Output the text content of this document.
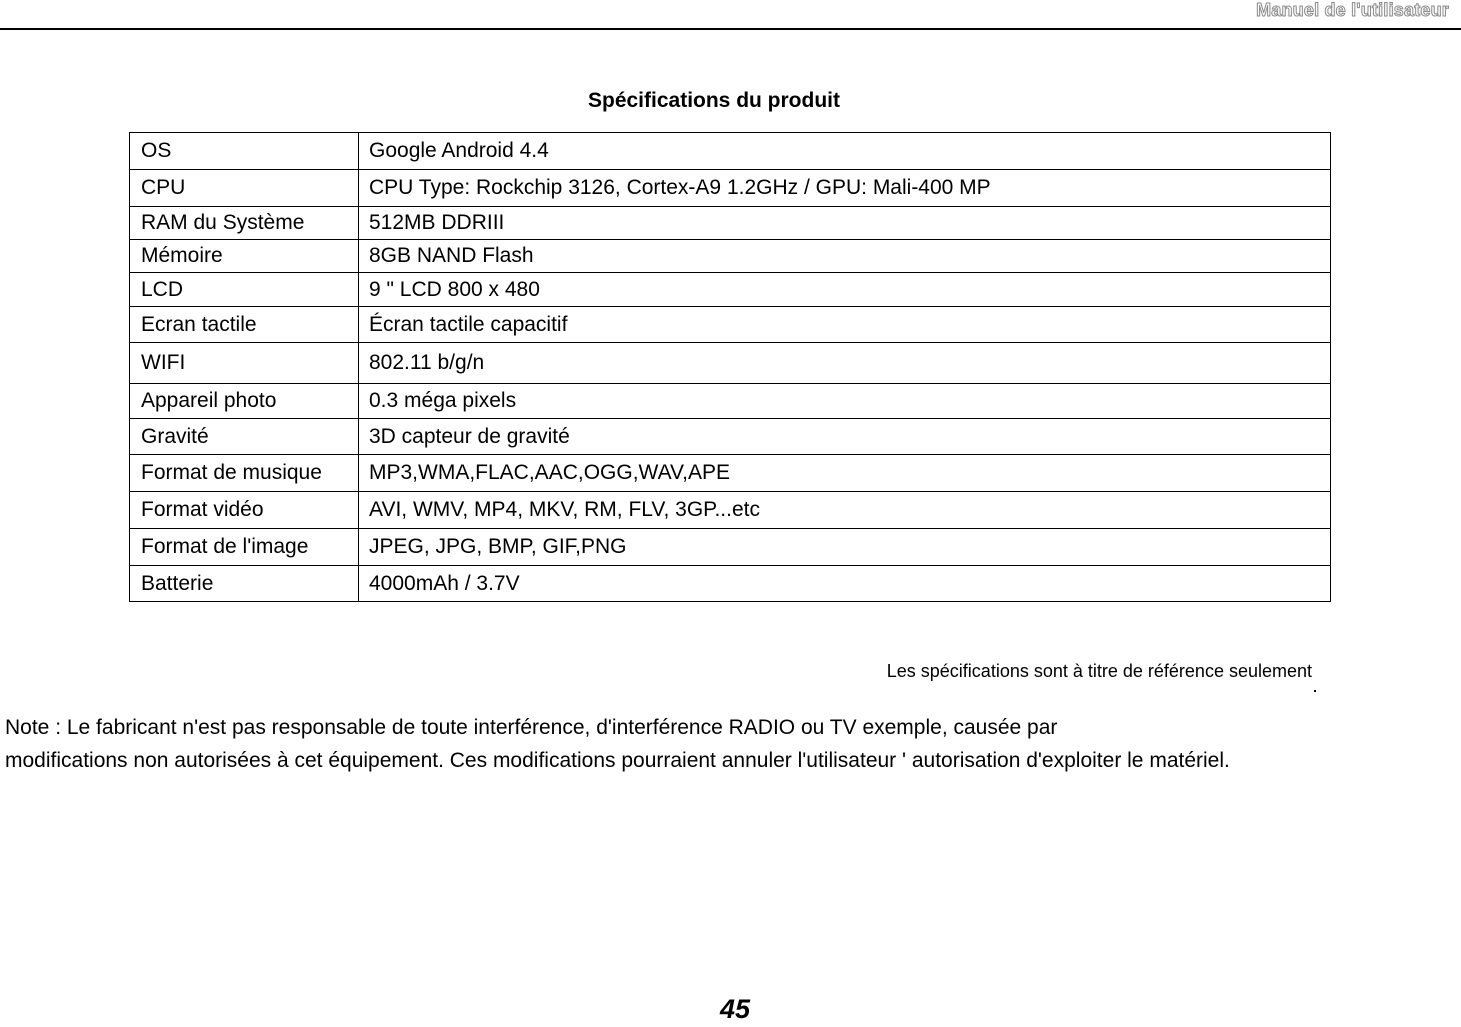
Manuel de l'utilisateur
Spécifications du produit
OS	Google Android 4.4
CPU	CPU Type: Rockchip 3126, Cortex-A9 1.2GHz / GPU: Mali-400 MP
RAM du Système	512MB DDRIII
Mémoire	8GB NAND Flash
LCD	9 " LCD 800 x 480
Ecran tactile	Écran tactile capacitif
WIFI	802.11 b/g/n
Appareil photo	0.3 méga pixels
Gravité	3D capteur de gravité
Format de musique	MP3,WMA,FLAC,AAC,OGG,WAV,APE
Format vidéo	AVI, WMV, MP4, MKV, RM, FLV, 3GP...etc
Format de l'image	JPEG, JPG, BMP, GIF,PNG
Batterie	4000mAh / 3.7V
Les spécifications sont à titre de référence seulement
Note : Le fabricant n'est pas responsable de toute interférence, d'interférence RADIO ou TV exemple, causée par
modifications non autorisées à cet équipement. Ces modifications pourraient annuler l'utilisateur ' autorisation d'exploiter le matériel.
45
